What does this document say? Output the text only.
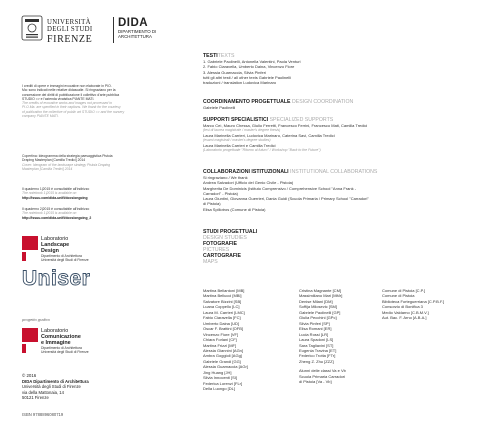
UNIVERSITÀ
DEGLI STUDI
FIRENZE
DIDA
DIPARTIMENTO DI
ARCHITETTURA
I crediti di opere e immagini evocative non elaborate in PIO.
Ma: sono indicati nelle relative didascalie. Si ringraziano per la
concessione dei diritti di pubblicazione il collettivo d'arte pubblica
STUDIO => e l'azienda vivaistica PIANTE MATI.
The credits of evocative works and images not processed in
PI.O.Ma. are specified in their captions. We thank for the courtesy
of publication the collective of public art STUDIO => and the nursery
company PIANTE MATI.
Copertina: Ideogramma della strategia paesaggistica Pistoia
Draping Masterplan [Camilla Tredici] 2014
Cover: Ideogram of the landscape strategy Pistoia Draping
Masterplan [Camilla Tredici] 2014
Il quaderno 1|2015 è consultabile all'indirizzo
The notebook 1|2015 is available on
http://issuu.com/dida-unifi/docs/ongoing
Il quaderno 2|2015 è consultabile all'indirizzo
The notebook 1|2015 is available on
http://issuu.com/dida-unifi/docs/ongoing_2
Laboratorio
Landscape
Design
Dipartimento di Architettura
Università degli Studi di Firenze
Uniser
progetto grafico
Laboratorio
Comunicazione
e Immagine
Dipartimento di Architettura
Università degli Studi di Firenze
© 2016
DIDA Dipartimento di Architettura
Università degli Studi di Firenze
via della Mattonaia, 14
50121 Firenze
ISBN 9788896080719
TESTITEXTS
1. Gabriele Paolinelli, Antonella Valentini, Paola Venturi
2. Fabio Ciaravella, Umberto Daina, Vincenzo Fiore
3. Alessia Guarnaccia, Silvia Pinferi
tutti gli altri testi / all other texts Gabriele Paolinelli
traduzioni / translation Ludovica Marinaro
COORDINAMENTO PROGETTUALE DESIGN COORDINATION
Gabriele Paolinelli
SUPPORTI SPECIALISTICI SPECIALIZED SUPPORTS
Marco Ceì, Mauro Chessa, Giulio Ferretti, Francesco Ferrini, Francesco Mati, Camilla Tredici
(tesi di laurea magistrale / master's degree thesis)
Laura Marinella Carrieri, Ludovica Marinaro, Caterina Savi, Camilla Tredici
(esami magistrali / master's degree studies)
Laura Marinella Carrieri e Camilla Tredici
(Laboratorio progettuale "Ritorno al futuro" / Workshop "Back to the Future")
COLLABORAZIONI ISTITUZIONALI INSTITUTIONAL COLLABORATIONS
Si ringraziano / We thank
Andrea Salvadori (Ufficio del Genio Civile - Pistoia)
Margherita De Dominicis (Istituto Comprensivo / Comprehensive School "Anna Frank -
Carradori" - Pistoia)
Laura Giuntini, Giovanna Guerrieri, Dania Guidi (Scuola Primaria / Primary School "Carradori"
di Pistoia)
Elisa Spillotros (Comune di Pistoia)
STUDI PROGETTUALI
DESIGN STUDIES
FOTOGRAFIE
PICTURES
CARTOGRAFIE
MAPS
Martina Bellantoni [MB]
Martina Bellucci [MBl]
Salvatore Bizzini [SB]
Luana Coppello [LC]
Laura M. Carrieri [LMC]
Fabio Ciaravella [FC]
Umberto Daina [UD]
Oscar F. Brattini [OFB]
Vincenzo Fiore [VF]
Chiara Forlani [CF]
Martina Frizzi [MF]
Alessia Giannini [AGn]
Ambra Goggioli [AGg]
Gabriele Grandi [GG]
Alessia Guarnaccia [AGr]
Jing Huang [JH]
Silvia Innocenti [SI]
Federica Lorenzi [FLr]
Della Luongo [DL]
Cristina Magnante [CM]
Massimiliano Mari [MMr]
Denise Milani [DM]
Soffija Milosevic [SM]
Gabriele Paolinelli [GP]
Giulia Pecchini [GPc]
Silvia Pinferi [SP]
Elisa Romani [ER]
Lucia Rossi [LR]
Laura Spadoni [LS]
Sara Tagliavini [ST]
Eugenia Travina [ET]
Federico Trotta [FTr]
Zheng Z. Zhu [ZZZ]
Alunni delle classi Va e Vb
Scuola Primaria Carradori
di Pistoia [Va - Vb]
Comune di Pistoia [C.P.]
Comune di Pistoia
Biblioteca Forteguerriana [C.P.B.F.]
Consorzio di Bonifica 3
Medio Valdarno [C.B.M.V.]
Aut. Bac. F. Arno [A.B.A.]
